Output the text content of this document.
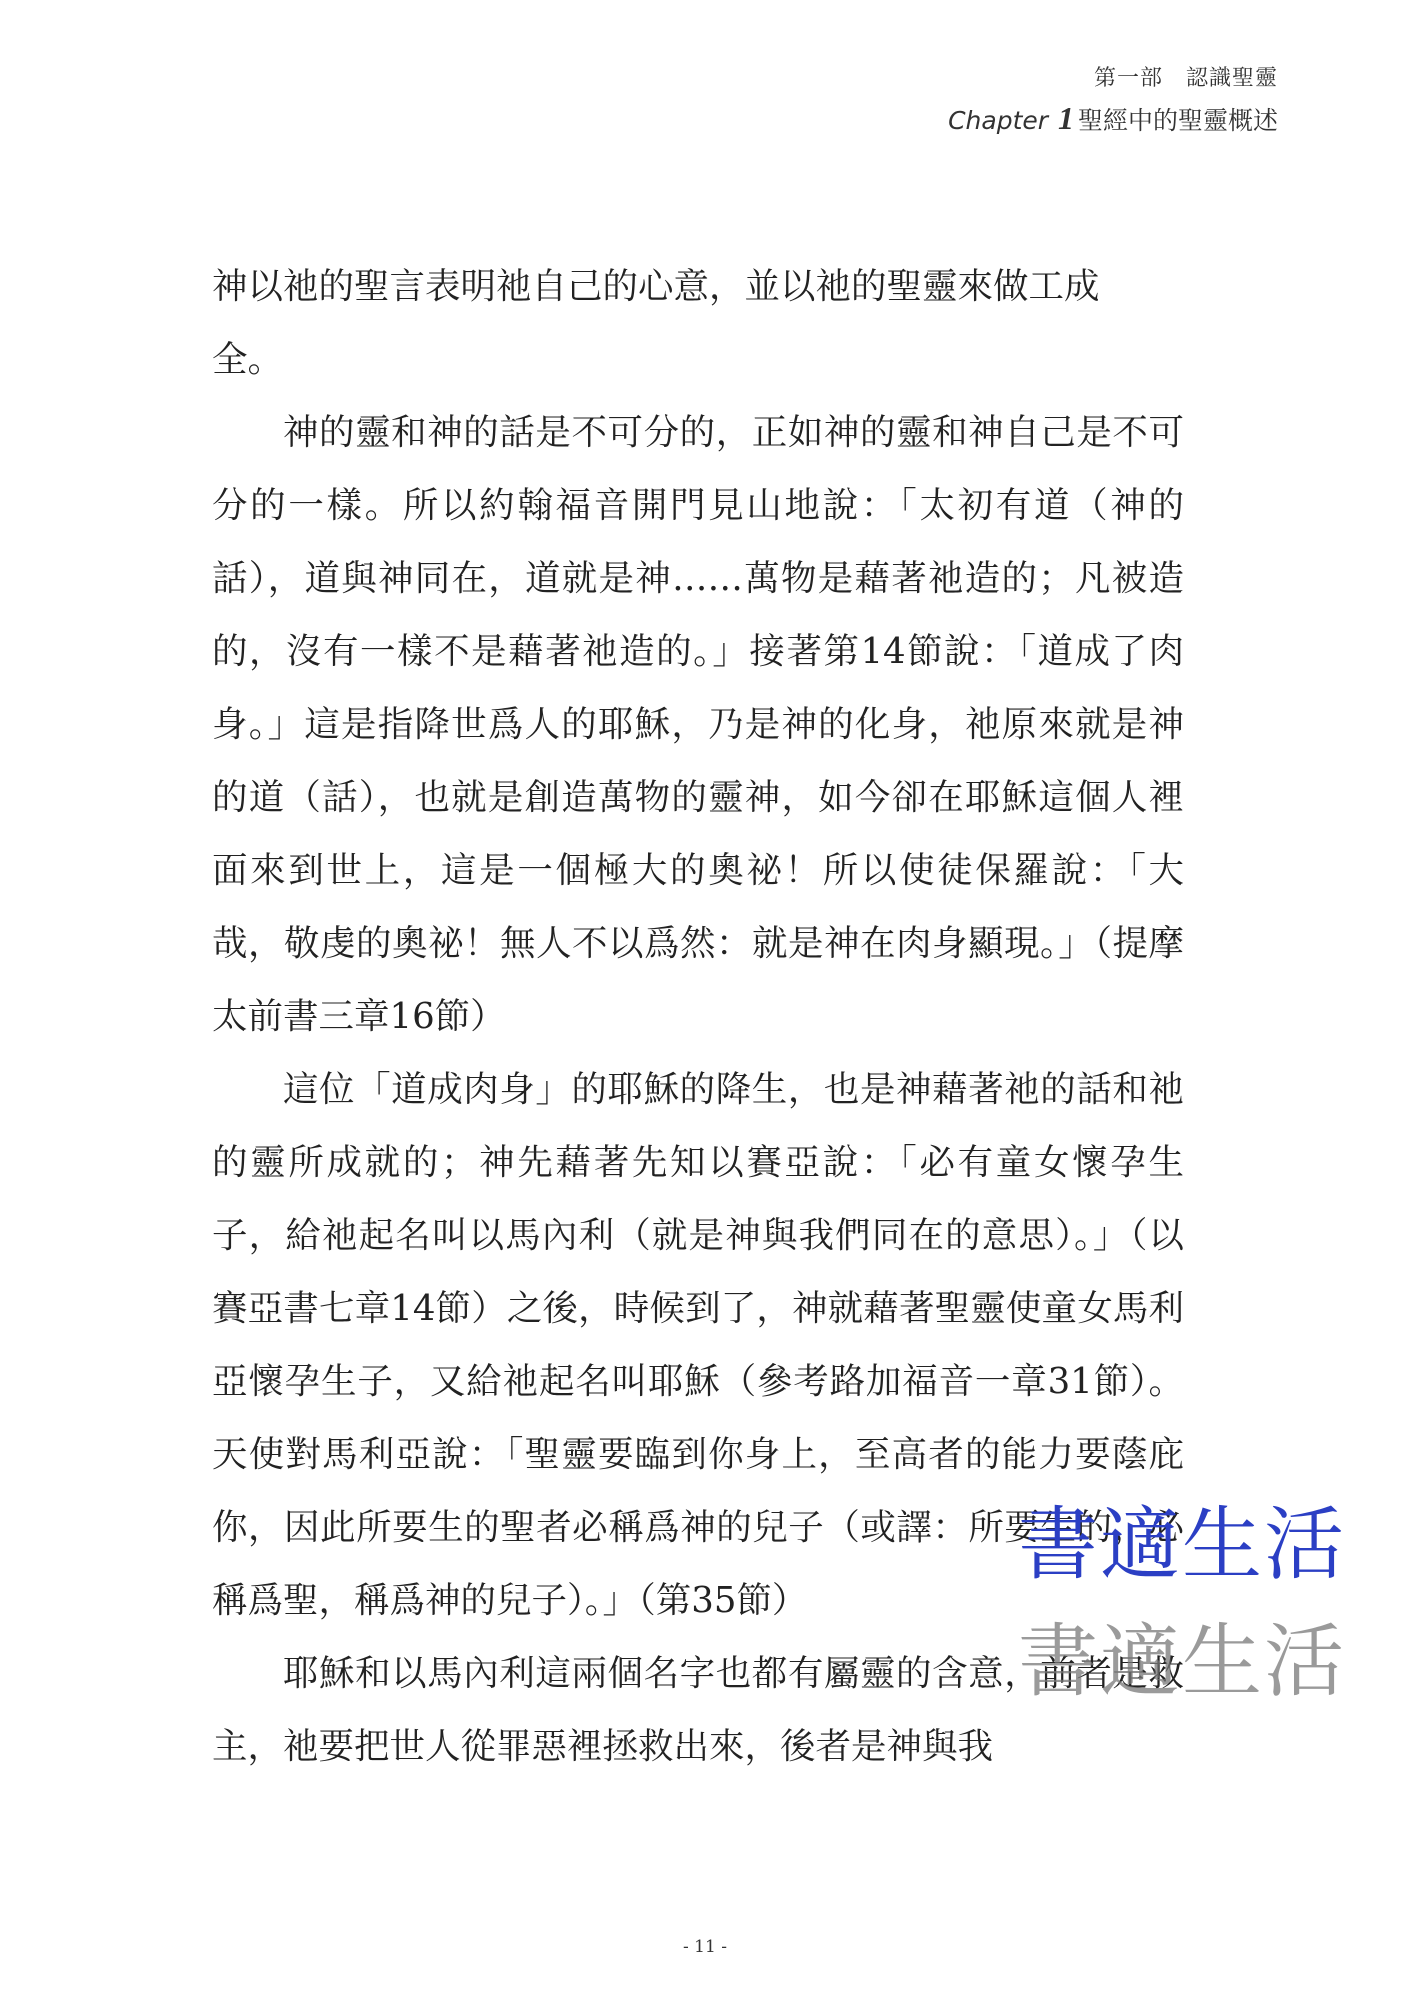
第一部　認識聖靈
Chapter 1 聖經中的聖靈概述

神以祂的聖言表明祂自己的心意，並以祂的聖靈來做工成
全。

神的靈和神的話是不可分的，正如神的靈和神自己是不可分的一樣。所以約翰福音開門見山地說：「太初有道（神的話），道與神同在，道就是神……萬物是藉著祂造的；凡被造的，沒有一樣不是藉著祂造的。」接著第14節說：「道成了肉身。」這是指降世爲人的耶穌，乃是神的化身，祂原來就是神的道（話），也就是創造萬物的靈神，如今卻在耶穌這個人裡面來到世上，這是一個極大的奧祕！所以使徒保羅說：「大哉，敬虔的奧祕！無人不以爲然：就是神在肉身顯現。」（提摩太前書三章16節）

這位「道成肉身」的耶穌的降生，也是神藉著祂的話和祂的靈所成就的；神先藉著先知以賽亞說：「必有童女懷孕生子，給祂起名叫以馬內利（就是神與我們同在的意思）。」（以賽亞書七章14節）之後，時候到了，神就藉著聖靈使童女馬利亞懷孕生子，又給祂起名叫耶穌（參考路加福音一章31節）。天使對馬利亞說：「聖靈要臨到你身上，至高者的能力要蔭庇你，因此所要生的聖者必稱爲神的兒子（或譯：所要生的，必稱爲聖，稱爲神的兒子）。」（第35節）

耶穌和以馬內利這兩個名字也都有屬靈的含意，前者是救主，祂要把世人從罪惡裡拯救出來，後者是神與我

書適生活
書適生活
- 11 -
